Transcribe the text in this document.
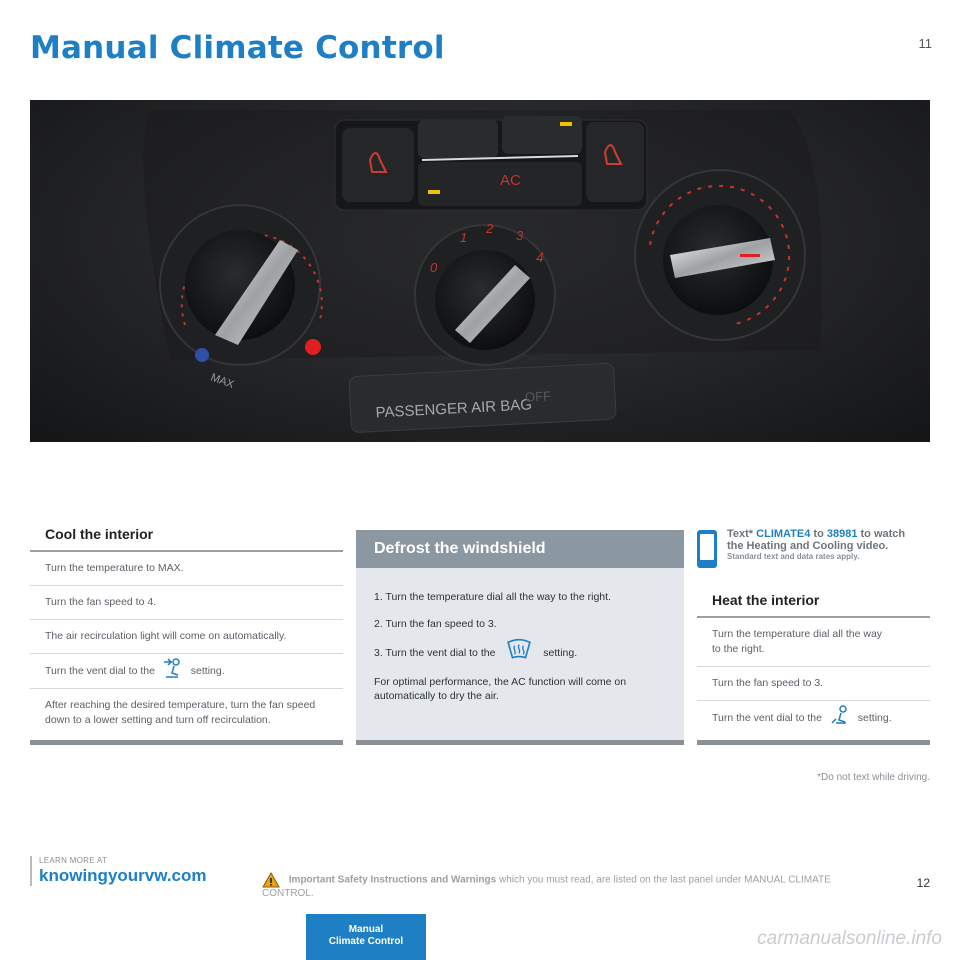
Manual Climate Control	11
AC
MAX
0
1
2 3
4
PASSENGER AIR BAG
OFF
Cool the interior
Turn the temperature to MAX.
Turn the fan speed to 4.
The air recirculation light will come on automatically.
Turn the vent dial to the	setting.
After reaching the desired temperature, turn the fan speed down to a lower setting and turn off recirculation.
Defrost the windshield

1. Turn the temperature dial all the way to the right.

2. Turn the fan speed to 3.

3. Turn the vent dial to the	setting.

For optimal performance, the AC function will come on automatically to dry the air.

Text* CLIMATE4 to 38981 to watch
the Heating and Cooling video.
Standard text and data rates apply.
Heat the interior
Turn the temperature dial all the way to the right.
Turn the fan speed to 3.
Turn the vent dial to the	setting.
*Do not text while driving.
LEARN MORE AT
knowingyourvw.com	Important Safety Instructions and Warnings which you must read, are listed on the last panel under MANUAL CLIMATE CONTROL.
12
Manual
Climate Control	carmanualsonline.info
